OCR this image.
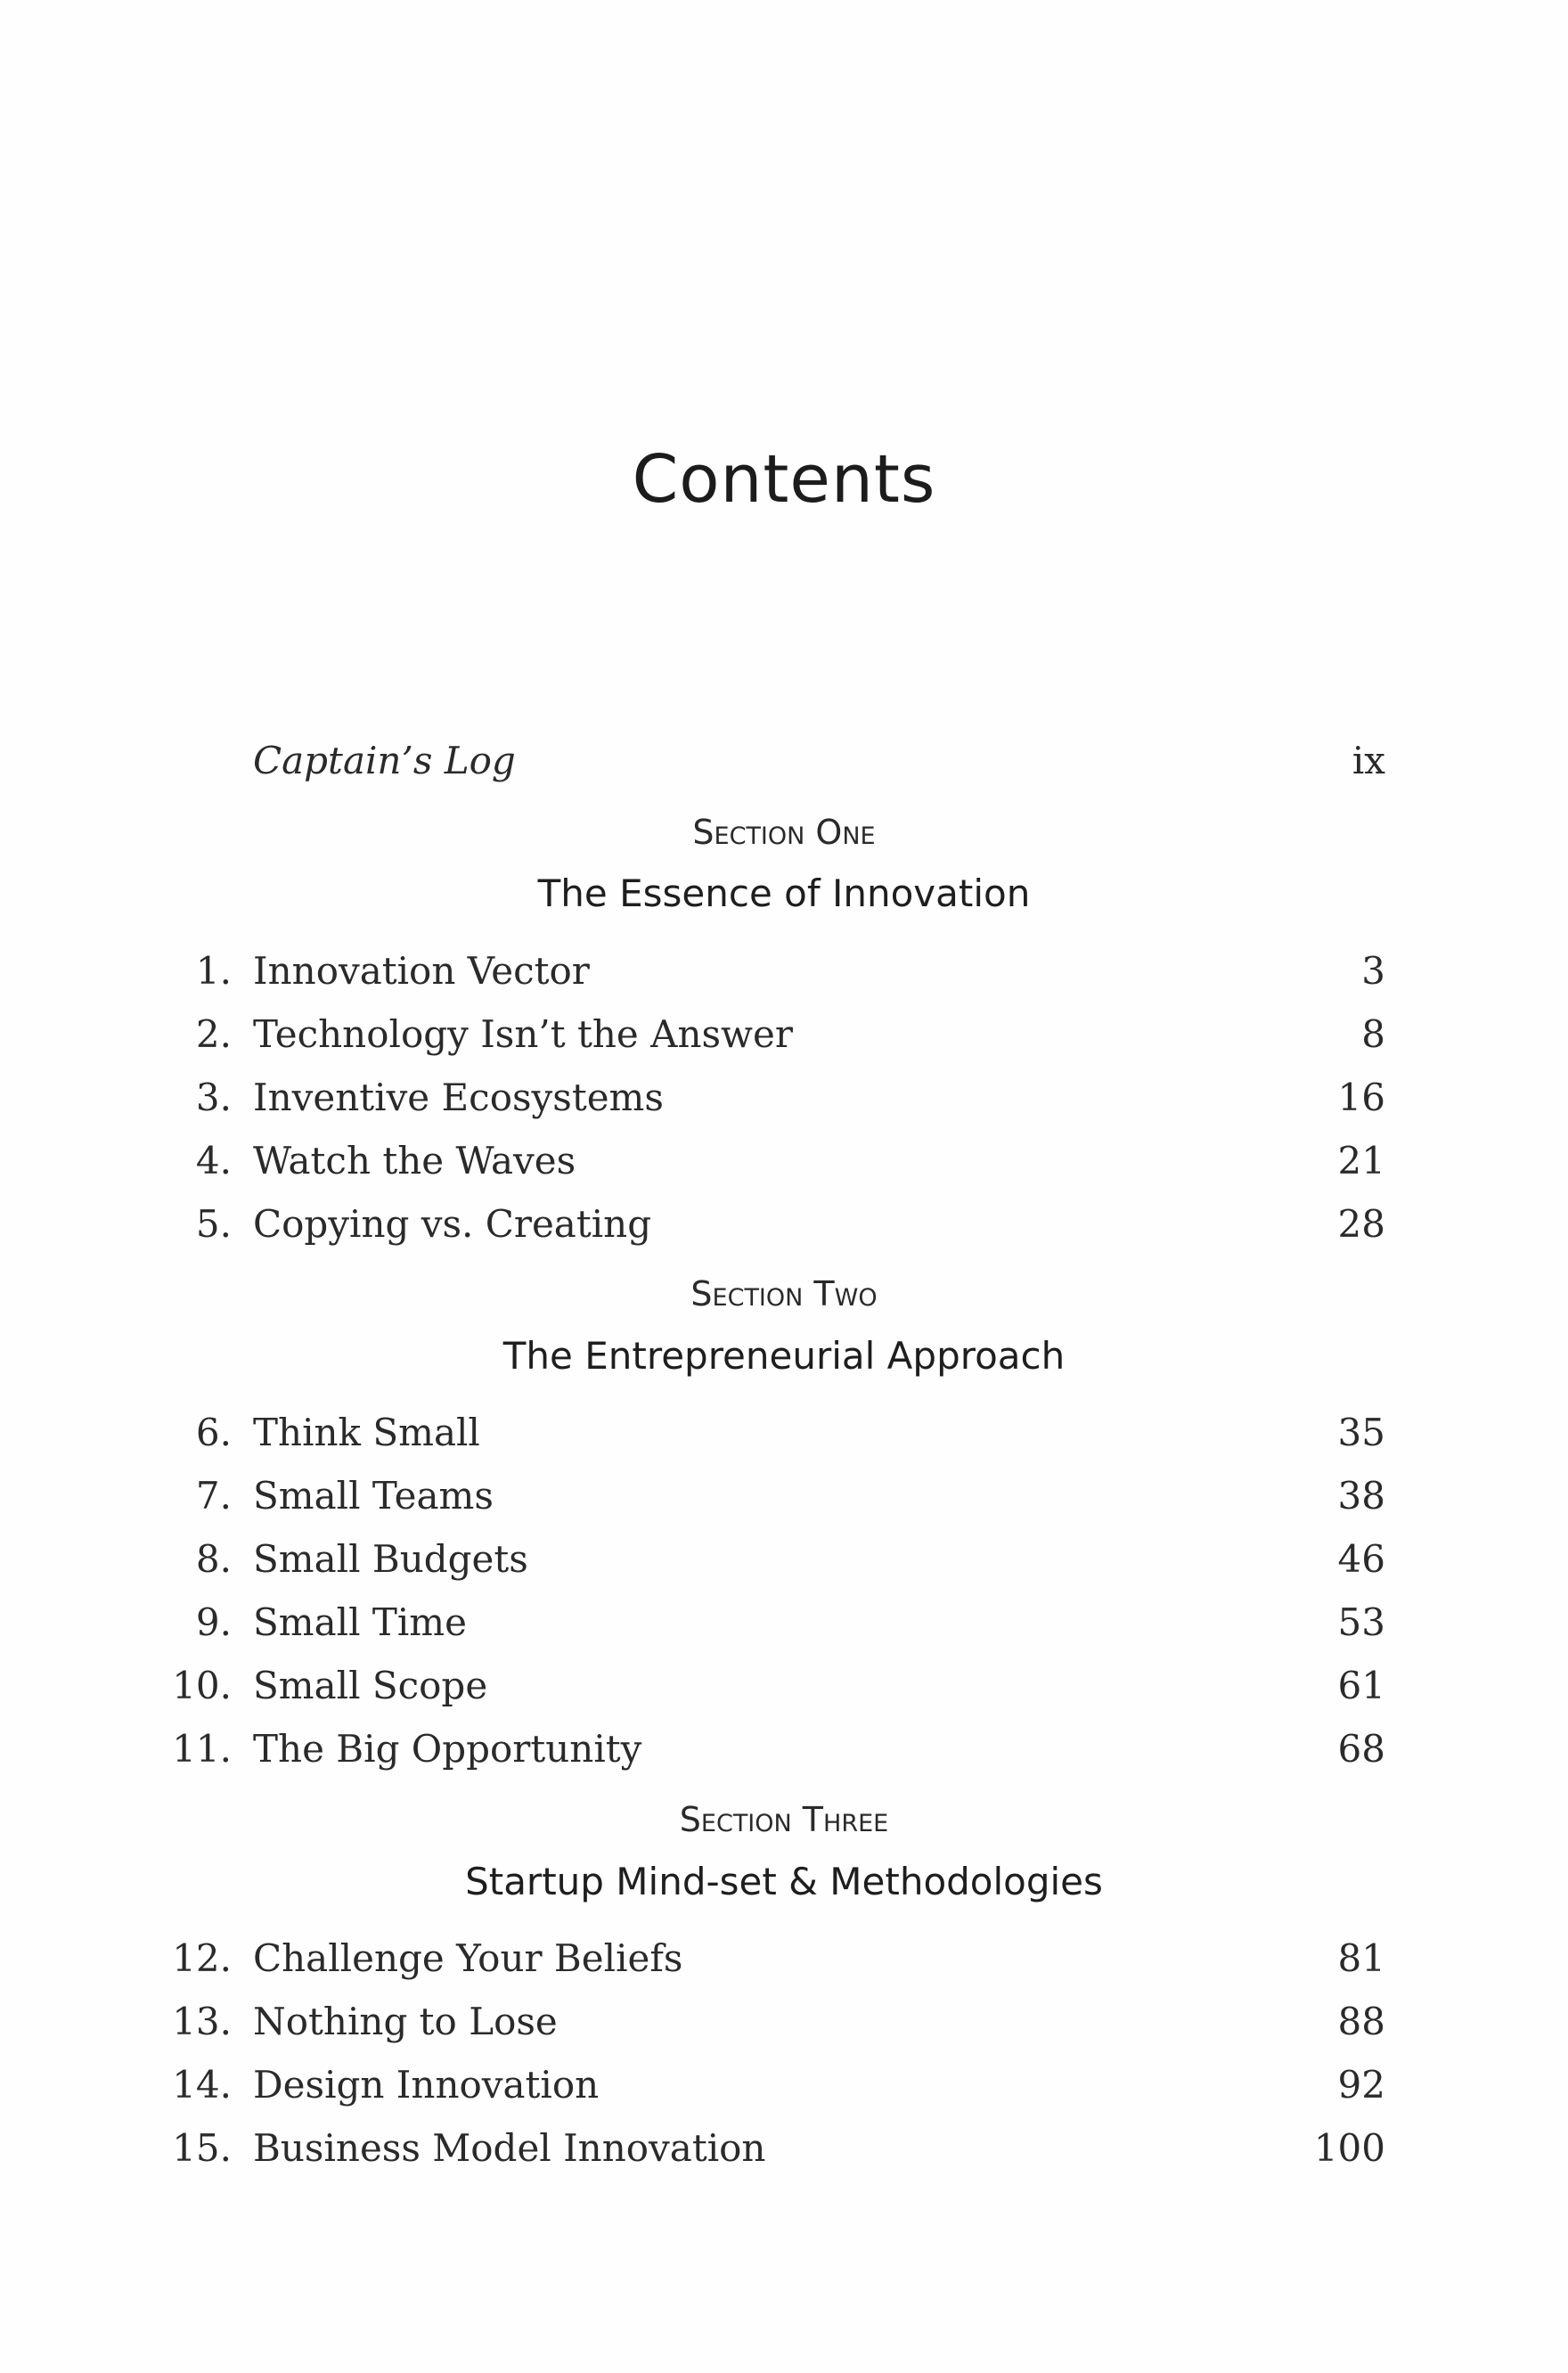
Contents
Captain’s Log	ix
Section One
The Essence of Innovation
1. Innovation Vector	3
2. Technology Isn’t the Answer	8
3. Inventive Ecosystems	16
4. Watch the Waves	21
5. Copying vs. Creating	28
Section Two
The Entrepreneurial Approach
6. Think Small	35
7. Small Teams	38
8. Small Budgets	46
9. Small Time	53
10. Small Scope	61
11. The Big Opportunity	68
Section Three
Startup Mind-set & Methodologies
12. Challenge Your Beliefs	81
13. Nothing to Lose	88
14. Design Innovation	92
15. Business Model Innovation	100
